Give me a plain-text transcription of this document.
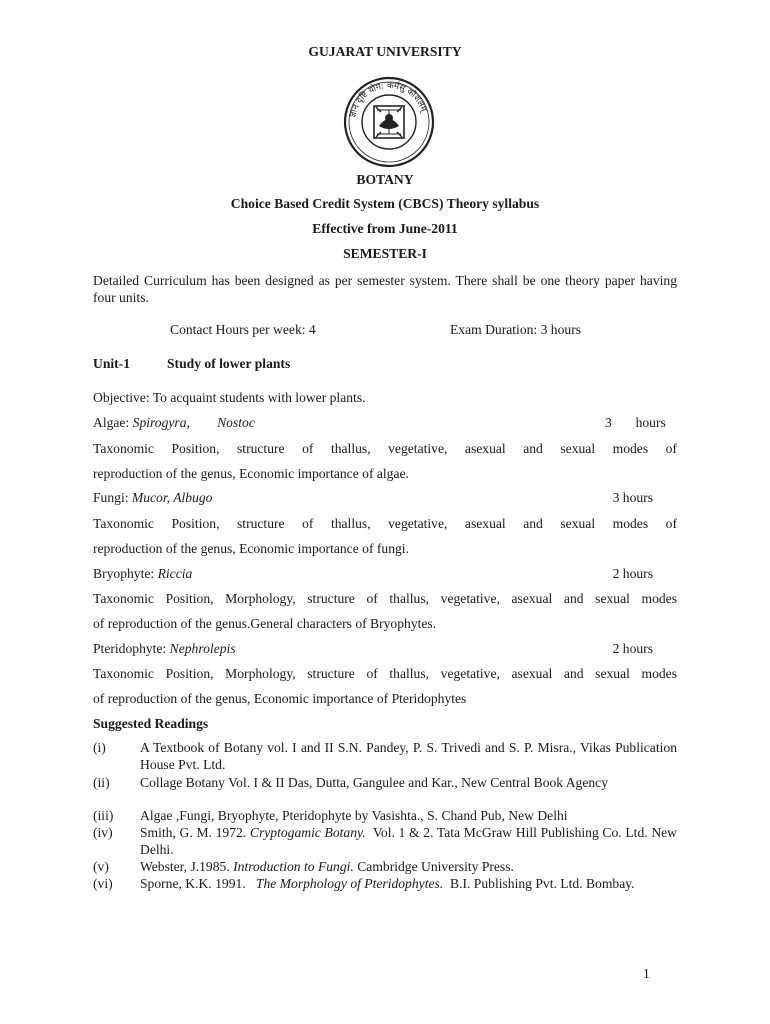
GUJARAT UNIVERSITY
ज्ञान दृष्टि योग: कर्मसु कौशलम्
BOTANY
Choice Based Credit System (CBCS) Theory syllabus
Effective from June-2011
SEMESTER-I
Detailed Curriculum has been designed as per semester system. There shall be one theory paper having four units.
Contact Hours per week: 4	Exam Duration: 3 hours
Unit-1	Study of lower plants
Objective: To acquaint students with lower plants.
Algae: Spirogyra,        Nostoc	3       hours
Taxonomic Position, structure of thallus, vegetative, asexual and sexual modes of
reproduction of the genus, Economic importance of algae.
Fungi: Mucor, Albugo	3 hours
Taxonomic Position, structure of thallus, vegetative, asexual and sexual modes of
reproduction of the genus, Economic importance of fungi.
Bryophyte: Riccia	2 hours
Taxonomic Position, Morphology, structure of thallus, vegetative, asexual and sexual modes
of reproduction of the genus.General characters of Bryophytes.
Pteridophyte: Nephrolepis	2 hours
Taxonomic Position, Morphology, structure of thallus, vegetative, asexual and sexual modes
of reproduction of the genus, Economic importance of Pteridophytes
Suggested Readings
(i)	A Textbook of Botany vol. I and II S.N. Pandey, P. S. Trivedi and S. P. Misra., Vikas Publication House Pvt. Ltd.
(ii)	Collage Botany Vol. I & II Das, Dutta, Gangulee and Kar., New Central Book Agency
(iii)	Algae ,Fungi, Bryophyte, Pteridophyte by Vasishta., S. Chand Pub, New Delhi
(iv)	Smith, G. M. 1972. Cryptogamic Botany.  Vol. 1 & 2. Tata McGraw Hill Publishing Co. Ltd. New Delhi.
(v)	Webster, J.1985. Introduction to Fungi. Cambridge University Press.
(vi)	Sporne, K.K. 1991.   The Morphology of Pteridophytes.  B.I. Publishing Pvt. Ltd. Bombay.
1
